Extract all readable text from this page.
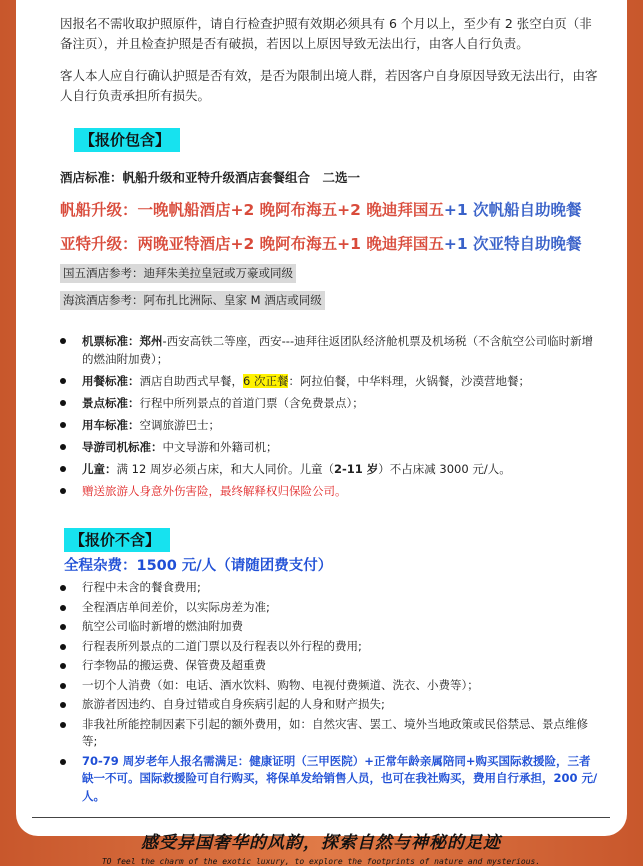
因报名不需收取护照原件，请自行检查护照有效期必须具有 6 个月以上，至少有 2 张空白页（非备注页），并且检查护照是否有破损，若因以上原因导致无法出行，由客人自行负责。

客人本人应自行确认护照是否有效，是否为限制出境人群，若因客户自身原因导致无法出行，由客人自行负责承担所有损失。

【报价包含】
酒店标准：帆船升级和亚特升级酒店套餐组合　二选一
帆船升级：一晚帆船酒店+2 晚阿布海五+2 晚迪拜国五+1 次帆船自助晚餐
亚特升级：两晚亚特酒店+2 晚阿布海五+1 晚迪拜国五+1 次亚特自助晚餐
国五酒店参考：迪拜朱美拉皇冠或万豪或同级
海滨酒店参考：阿布扎比洲际、皇家 M 酒店或同级
机票标准：郑州-西安高铁二等座，西安---迪拜往返团队经济舱机票及机场税（不含航空公司临时新增的燃油附加费）；
用餐标准：酒店自助西式早餐，6 次正餐：阿拉伯餐，中华料理，火锅餐，沙漠营地餐；
景点标准：行程中所列景点的首道门票（含免费景点）；
用车标准：空调旅游巴士；
导游司机标准：中文导游和外籍司机；
儿童：满 12 周岁必须占床，和大人同价。儿童（2-11 岁）不占床减 3000 元/人。
赠送旅游人身意外伤害险，最终解释权归保险公司。
【报价不含】
全程杂费：1500 元/人（请随团费支付）
行程中未含的餐食费用;
全程酒店单间差价，以实际房差为准;
航空公司临时新增的燃油附加费
行程表所列景点的二道门票以及行程表以外行程的费用;
行李物品的搬运费、保管费及超重费
一切个人消费（如：电话、酒水饮料、购物、电视付费频道、洗衣、小费等）；
旅游者因违约、自身过错或自身疾病引起的人身和财产损失;
非我社所能控制因素下引起的额外费用，如：自然灾害、罢工、境外当地政策或民俗禁忌、景点维修等;
70-79 周岁老年人报名需满足：健康证明（三甲医院）+正常年龄亲属陪同+购买国际救援险，三者缺一不可。国际救援险可自行购买，将保单发给销售人员，也可在我社购买，费用自行承担，200 元/人。
感受异国奢华的风韵，探索自然与神秘的足迹
TO feel the charm of the exotic luxury, to explore the footprints of nature and mysterious.
